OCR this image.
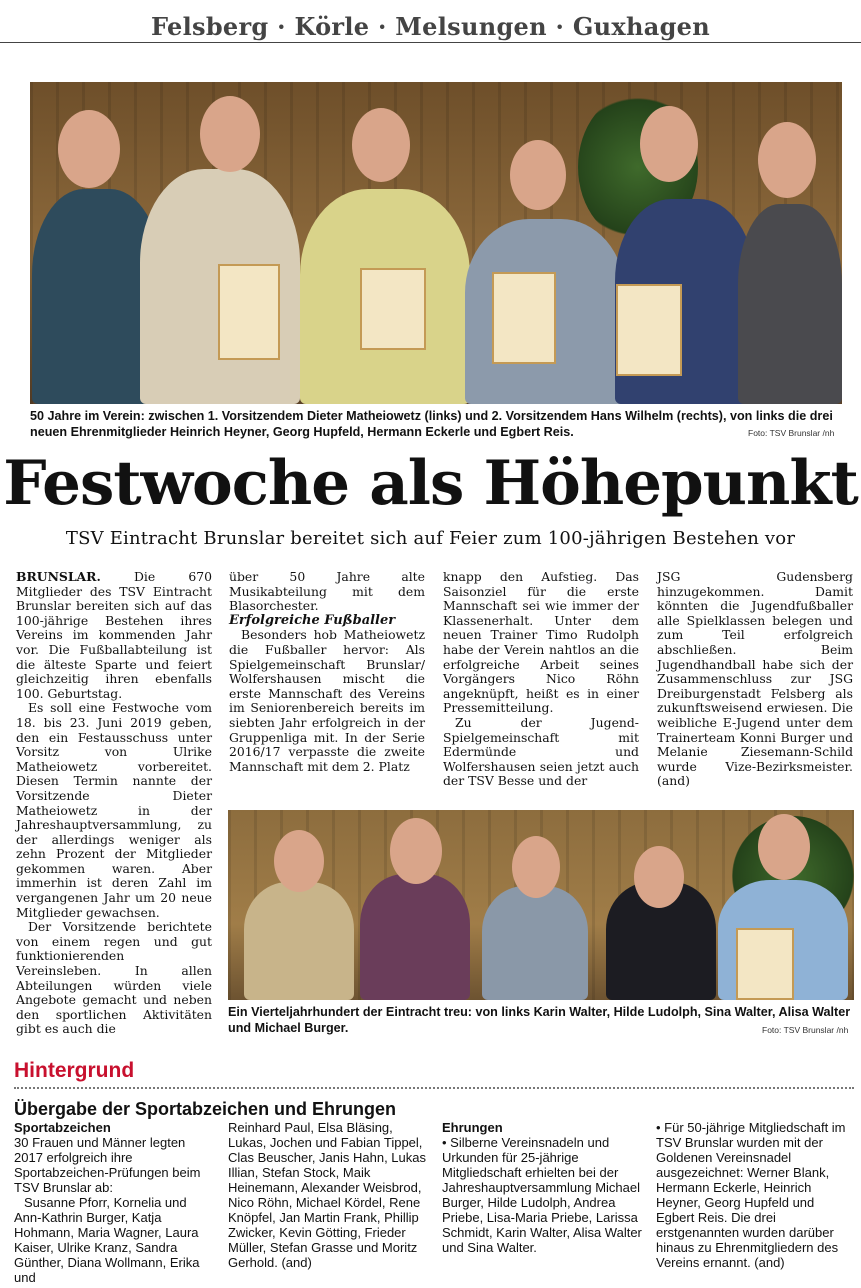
Felsberg · Körle · Melsungen · Guxhagen
50 Jahre im Verein: zwischen 1. Vorsitzendem Dieter Matheiowetz (links) und 2. Vorsitzendem Hans Wilhelm (rechts), von links die drei neuen Ehrenmitglieder Heinrich Heyner, Georg Hupfeld, Hermann Eckerle und Egbert Reis.	Foto: TSV Brunslar /nh
Festwoche als Höhepunkt
TSV Eintracht Brunslar bereitet sich auf Feier zum 100-jährigen Bestehen vor

BRUNSLAR.	Die 670 Mitglieder des TSV Eintracht Brunslar bereiten sich auf das 100-jährige Bestehen ihres Vereins im kommenden Jahr vor. Die Fußballabteilung ist die älteste Sparte und feiert gleichzeitig ihren ebenfalls 100. Geburtstag.

Es soll eine Festwoche vom 18. bis 23. Juni 2019 geben, den ein Festausschuss unter Vorsitz von Ulrike Matheiowetz vorbereitet. Diesen Termin nannte der Vorsitzende Dieter Matheiowetz in der Jahreshauptversammlung, zu der allerdings weniger als zehn Prozent der Mitglieder gekommen waren. Aber immerhin ist deren Zahl im vergangenen Jahr um 20 neue Mitglieder gewachsen.

Der Vorsitzende berichtete von einem regen und gut funktionierenden Vereinsleben. In allen Abteilungen würden viele Angebote gemacht und neben den sportlichen Aktivitäten gibt es auch die

über 50 Jahre alte Musikabteilung mit dem Blasorchester.

Erfolgreiche Fußballer

Besonders hob Matheiowetz die Fußballer hervor: Als Spielgemeinschaft Brunslar/ Wolfershausen mischt die erste Mannschaft des Vereins im Seniorenbereich bereits im siebten Jahr erfolgreich in der Gruppenliga mit. In der Serie 2016/17 verpasste die zweite Mannschaft mit dem 2. Platz

knapp den Aufstieg. Das Saisonziel für die erste Mannschaft sei wie immer der Klassenerhalt. Unter dem neuen Trainer Timo Rudolph habe der Verein nahtlos an die erfolgreiche Arbeit seines Vorgängers Nico Röhn angeknüpft, heißt es in einer Pressemitteilung.

Zu der Jugend-Spielgemeinschaft mit Edermünde und Wolfershausen seien jetzt auch der TSV Besse und der

JSG Gudensberg hinzugekommen. Damit könnten die Jugendfußballer alle Spielklassen belegen und zum Teil erfolgreich abschließen. Beim Jugendhandball habe sich der Zusammenschluss zur JSG Dreiburgenstadt Felsberg als zukunftsweisend erwiesen. Die weibliche E-Jugend unter dem Trainerteam Konni Burger und Melanie Ziesemann-Schild wurde Vize-Bezirksmeister. (and)

Ein Vierteljahrhundert der Eintracht treu: von links Karin Walter, Hilde Ludolph, Sina Walter, Alisa Walter und Michael Burger.	Foto: TSV Brunslar /nh
Hintergrund
Übergabe der Sportabzeichen und Ehrungen

Sportabzeichen

30 Frauen und Männer legten 2017 erfolgreich ihre Sportabzeichen-Prüfungen beim TSV Brunslar ab:

Susanne Pforr, Kornelia und Ann-Kathrin Burger, Katja Hohmann, Maria Wagner, Laura Kaiser, Ulrike Kranz, Sandra Günther, Diana Wollmann, Erika und

Reinhard Paul, Elsa Bläsing, Lukas, Jochen und Fabian Tippel, Clas Beuscher, Janis Hahn, Lukas Illian, Stefan Stock, Maik Heinemann, Alexander Weisbrod, Nico Röhn, Michael Kördel, Rene Knöpfel, Jan Martin Frank, Phillip Zwicker, Kevin Götting, Frieder Müller, Stefan Grasse und Moritz Gerhold. (and)

Ehrungen

• Silberne Vereinsnadeln und Urkunden für 25-jährige Mitgliedschaft erhielten bei der Jahreshauptversammlung Michael Burger, Hilde Ludolph, Andrea Priebe, Lisa-Maria Priebe, Larissa Schmidt, Karin Walter, Alisa Walter und Sina Walter.

• Für 50-jährige Mitgliedschaft im TSV Brunslar wurden mit der Goldenen Vereinsnadel ausgezeichnet: Werner Blank, Hermann Eckerle, Heinrich Heyner, Georg Hupfeld und Egbert Reis. Die drei erstgenannten wurden darüber hinaus zu Ehrenmitgliedern des Vereins ernannt. (and)
